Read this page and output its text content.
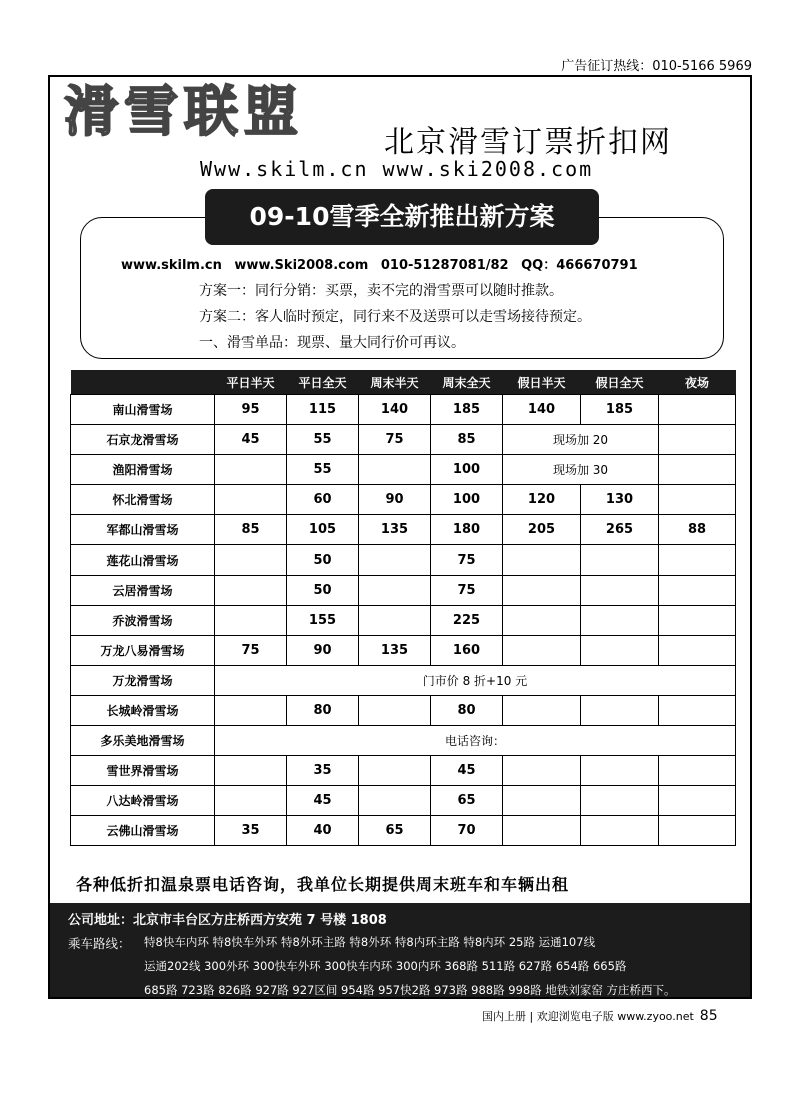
广告征订热线：010-5166 5969
滑雪联盟	北京滑雪订票折扣网
Www.skilm.cn www.ski2008.com
www.skilm.cn www.Ski2008.com 010-51287081/82 QQ：466670791
方案一：同行分销：买票，卖不完的滑雪票可以随时推款。
方案二：客人临时预定，同行来不及送票可以走雪场接待预定。
一、滑雪单品：现票、量大同行价可再议。
09-10雪季全新推出新方案
	平日半天	平日全天	周末半天	周末全天	假日半天	假日全天	夜场
南山滑雪场	95	115	140	185	140	185	
石京龙滑雪场	45	55	75	85	现场加 20		
渔阳滑雪场		55		100	现场加 30		
怀北滑雪场		60	90	100	120	130	
军都山滑雪场	85	105	135	180	205	265	88
莲花山滑雪场		50		75			
云居滑雪场		50		75			
乔波滑雪场		155		225			
万龙八易滑雪场	75	90	135	160			
万龙滑雪场	门市价 8 折+10 元						
长城岭滑雪场		80		80			
多乐美地滑雪场	电话咨询：						
雪世界滑雪场		35		45			
八达岭滑雪场		45		65			
云佛山滑雪场	35	40	65	70			
各种低折扣温泉票电话咨询，我单位长期提供周末班车和车辆出租
公司地址：北京市丰台区方庄桥西方安苑 7 号楼 1808
乘车路线： 特8快车内环 特8快车外环 特8外环主路 特8外环 特8内环主路 特8内环 25路 运通107线
运通202线 300外环 300快车外环 300快车内环 300内环 368路 511路 627路 654路 665路
685路 723路 826路 927路 927区间 954路 957快2路 973路 988路 998路 地铁刘家窑 方庄桥西下。
国内上册 | 欢迎浏览电子版 www.zyoo.net 85
